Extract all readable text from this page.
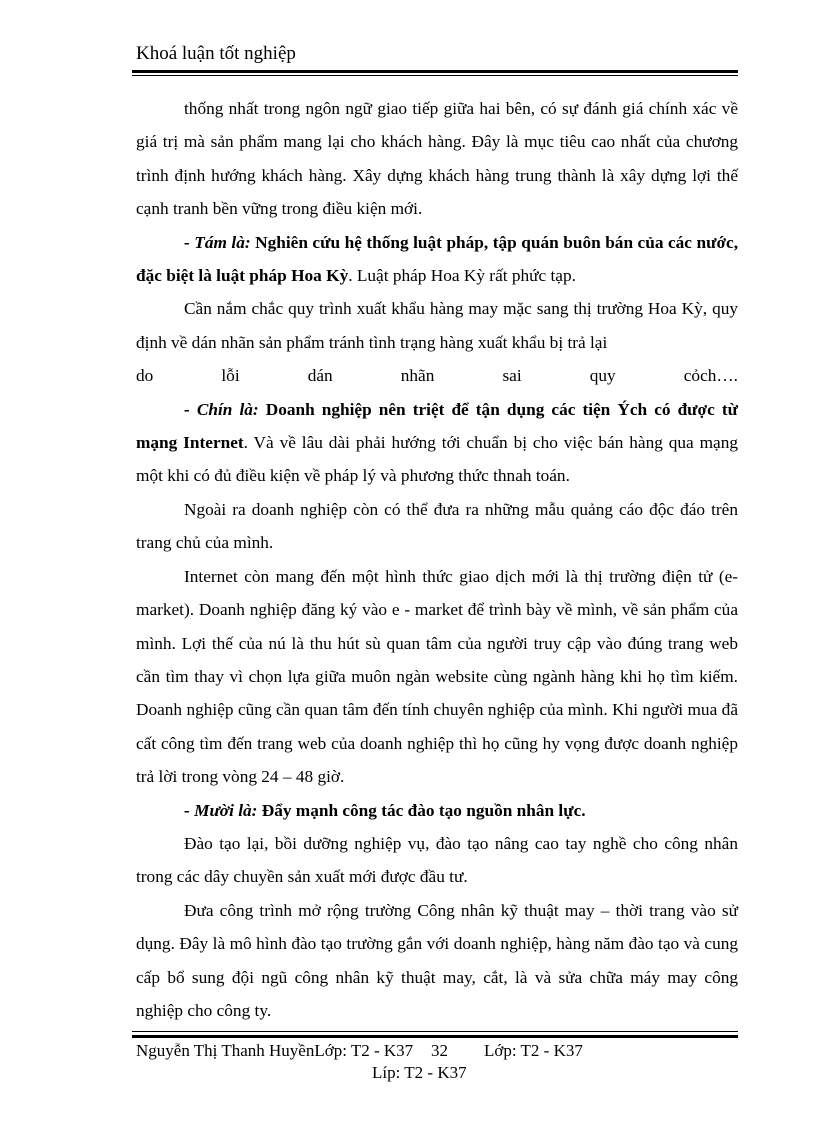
Khoá luận tốt nghiệp

thống nhất trong ngôn ngữ giao tiếp giữa hai bên, có sự đánh giá chính xác về giá trị mà sản phẩm mang lại cho khách hàng. Đây là mục tiêu cao nhất của chương trình định hướng khách hàng. Xây dựng khách hàng trung thành là xây dựng lợi thế cạnh tranh bền vững trong điều kiện mới.

- Tám là: Nghiên cứu hệ thống luật pháp, tập quán buôn bán của các nước, đặc biệt là luật pháp Hoa Kỳ. Luật pháp Hoa Kỳ rất phức tạp.

Cần nắm chắc quy trình xuất khẩu hàng may mặc sang thị trường Hoa Kỳ, quy định về dán nhãn sản phẩm tránh tình trạng hàng xuất khẩu bị trả lại

do lỗi dán nhãn sai quy cỏch….

- Chín là: Doanh nghiệp nên triệt để tận dụng các tiện Ých có được từ mạng Internet. Và về lâu dài phải hướng tới chuẩn bị cho việc bán hàng qua mạng một khi có đủ điều kiện về pháp lý và phương thức thnah toán.

Ngoài ra doanh nghiệp còn có thể đưa ra những mẫu quảng cáo độc đáo trên trang chủ của mình.

Internet còn mang đến một hình thức giao dịch mới là thị trường điện tử (e-market). Doanh nghiệp đăng ký vào e - market để trình bày về mình, về sản phẩm của mình. Lợi thế của nú là thu hút sù quan tâm của người truy cập vào đúng trang web cần tìm thay vì chọn lựa giữa muôn ngàn website cùng ngành hàng khi họ tìm kiếm. Doanh nghiệp cũng cần quan tâm đến tính chuyên nghiệp của mình. Khi người mua đã cất công tìm đến trang web của doanh nghiệp thì họ cũng hy vọng được doanh nghiệp trả lời trong vòng 24 – 48 giờ.

- Mười là: Đẩy mạnh công tác đào tạo nguồn nhân lực.

Đào tạo lại, bồi dưỡng nghiệp vụ, đào tạo nâng cao tay nghề cho công nhân trong các dây chuyền sản xuất mới được đầu tư.

Đưa công trình mở rộng trường Công nhân kỹ thuật may – thời trang vào sử dụng. Đây là mô hình đào tạo trường gắn với doanh nghiệp, hàng năm đào tạo và cung cấp bổ sung đội ngũ công nhân kỹ thuật may, cắt, là và sửa chữa máy may công nghiệp cho công ty.

Nguyễn Thị Thanh HuyềnLớp: T2 - K37 32 Lớp: T2 - K37
Líp: T2 - K37
